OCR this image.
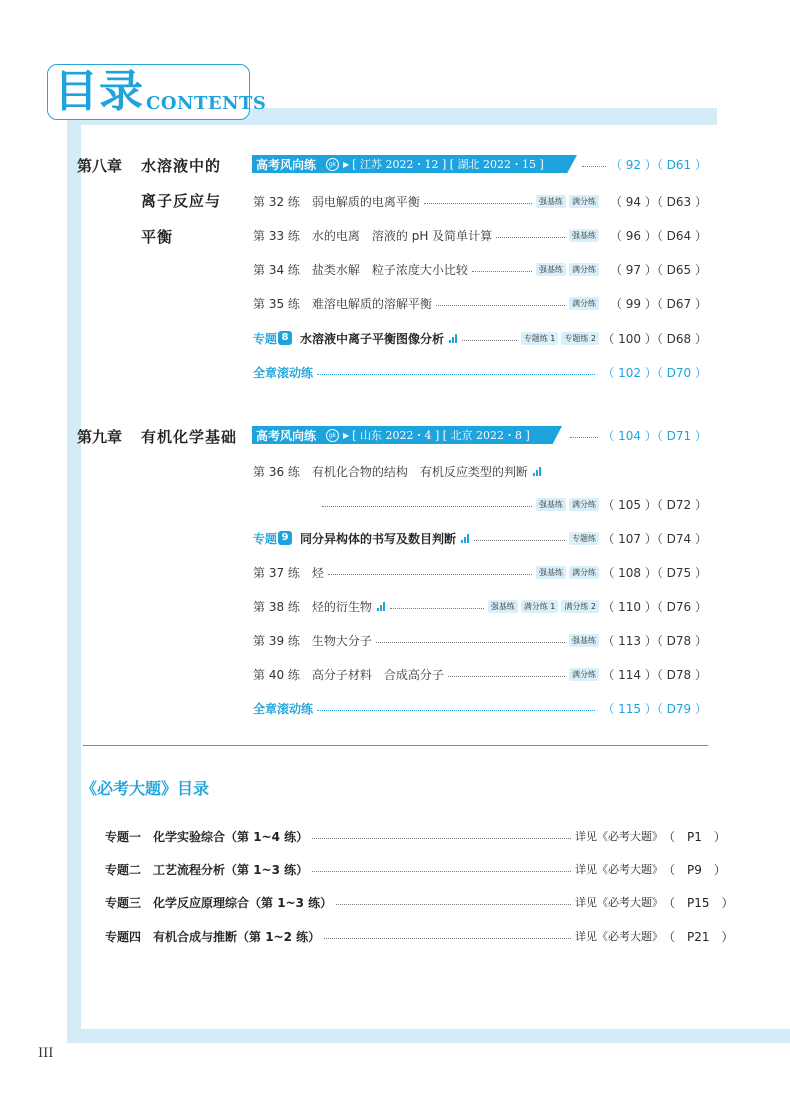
目录 CONTENTS
第八章 水溶液中的
离子反应与
平衡
高考风向练	gk ▶ [ 江苏 2022・12 ] [ 湖北 2022・15 ]	（ 92 ）（ D61 ）
第 32 练 弱电解质的电离平衡	强基练	满分练	（ 94 ）（ D63 ）
第 33 练 水的电离　溶液的 pH 及简单计算	强基练	（ 96 ）（ D64 ）
第 34 练 盐类水解　粒子浓度大小比较	强基练	满分练	（ 97 ）（ D65 ）
第 35 练 难溶电解质的溶解平衡	满分练	（ 99 ）（ D67 ）
专题 8 水溶液中离子平衡图像分析	专题练 1	专题练 2 （ 100 ）（ D68 ）
全章滚动练	（ 102 ）（ D70 ）
第九章 有机化学基础 高考风向练	gk ▶ [ 山东 2022・4 ] [ 北京 2022・8 ]	（ 104 ）（ D71 ）
第 36 练 有机化合物的结构　有机反应类型的判断
强基练	满分练 （ 105 ）（ D72 ）
专题 9 同分异构体的书写及数目判断	专题练 （ 107 ）（ D74 ）
第 37 练 烃	强基练	满分练 （ 108 ）（ D75 ）
第 38 练 烃的衍生物	强基练	满分练 1	满分练 2 （ 110 ）（ D76 ）
第 39 练 生物大分子	强基练 （ 113 ）（ D78 ）
第 40 练 高分子材料　合成高分子	满分练 （ 114 ）（ D78 ）
全章滚动练	（ 115 ）（ D79 ）
《必考大题》目录
专题一 化学实验综合（第 1~4 练）	详见《必考大题》 （　P1　）
专题二 工艺流程分析（第 1~3 练）	详见《必考大题》 （　P9　）
专题三 化学反应原理综合（第 1~3 练）	详见《必考大题》 （　P15　）
专题四 有机合成与推断（第 1~2 练）	详见《必考大题》 （　P21　）
III
